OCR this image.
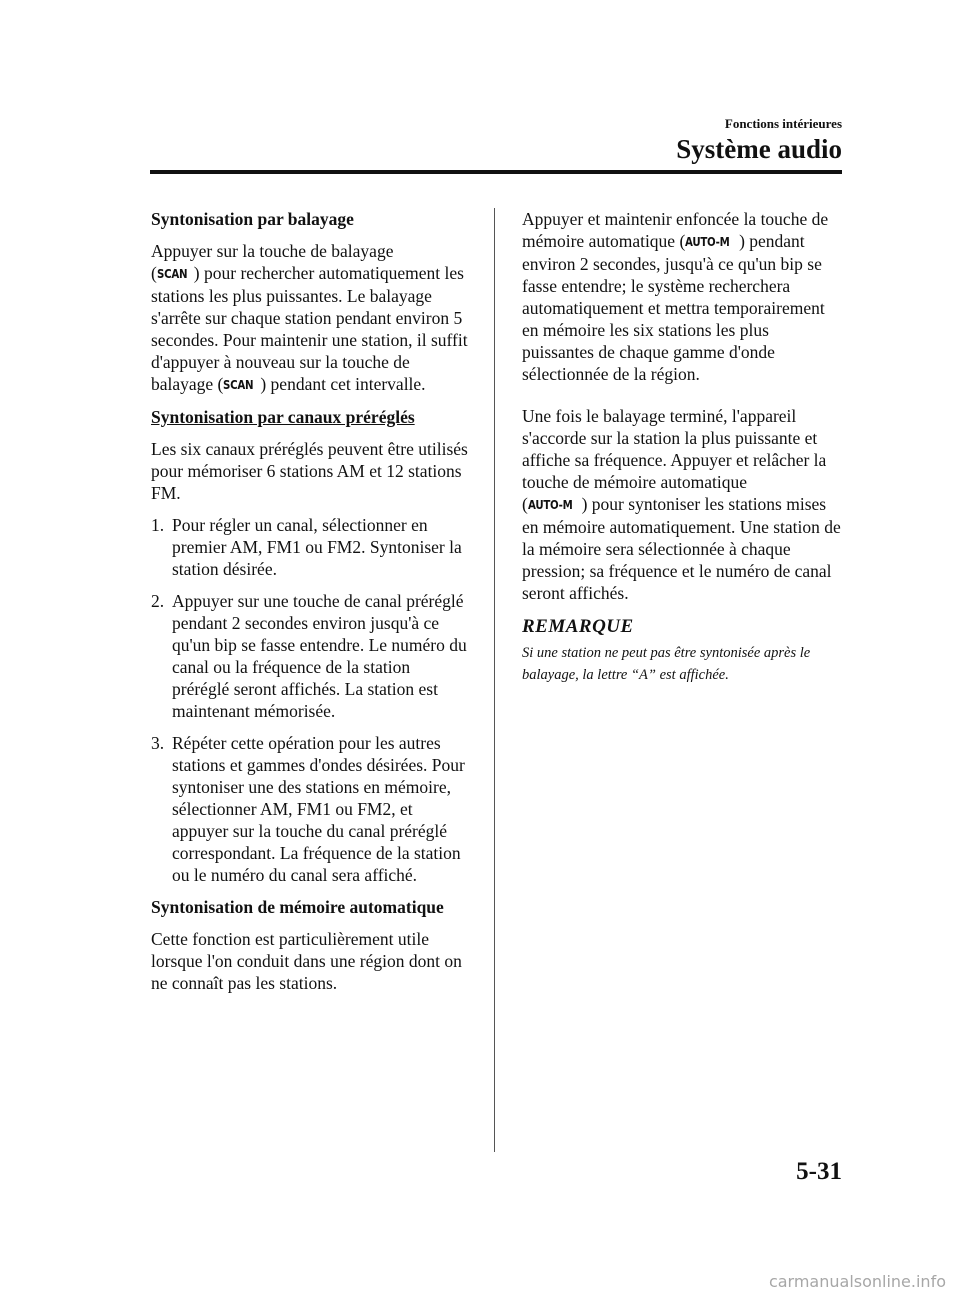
Fonctions intérieures
Système audio
Syntonisation par balayage

Appuyer sur la touche de balayage
(SCAN ) pour rechercher automatiquement les stations les plus puissantes. Le balayage s'arrête sur chaque station pendant environ 5 secondes. Pour maintenir une station, il suffit d'appuyer à nouveau sur la touche de balayage (SCAN ) pendant cet intervalle.

Syntonisation par canaux préréglés

Les six canaux préréglés peuvent être utilisés pour mémoriser 6 stations AM et 12 stations FM.

1. Pour régler un canal, sélectionner en premier AM, FM1 ou FM2. Syntoniser la station désirée.
2. Appuyer sur une touche de canal préréglé pendant 2 secondes environ jusqu'à ce qu'un bip se fasse entendre. Le numéro du canal ou la fréquence de la station préréglé seront affichés. La station est maintenant mémorisée.
3. Répéter cette opération pour les autres stations et gammes d'ondes désirées. Pour syntoniser une des stations en mémoire, sélectionner AM, FM1 ou FM2, et appuyer sur la touche du canal préréglé correspondant. La fréquence de la station ou le numéro du canal sera affiché.
Syntonisation de mémoire automatique

Cette fonction est particulièrement utile lorsque l'on conduit dans une région dont on ne connaît pas les stations.

Appuyer et maintenir enfoncée la touche de mémoire automatique (AUTO-M ) pendant environ 2 secondes, jusqu'à ce qu'un bip se fasse entendre; le système recherchera automatiquement et mettra temporairement en mémoire les six stations les plus puissantes de chaque gamme d'onde sélectionnée de la région.

Une fois le balayage terminé, l'appareil s'accorde sur la station la plus puissante et affiche sa fréquence. Appuyer et relâcher la touche de mémoire automatique
(AUTO-M ) pour syntoniser les stations mises en mémoire automatiquement. Une station de la mémoire sera sélectionnée à chaque pression; sa fréquence et le numéro de canal seront affichés.

REMARQUE

Si une station ne peut pas être syntonisée après le balayage, la lettre “A” est affichée.

5-31
carmanualsonline.info
